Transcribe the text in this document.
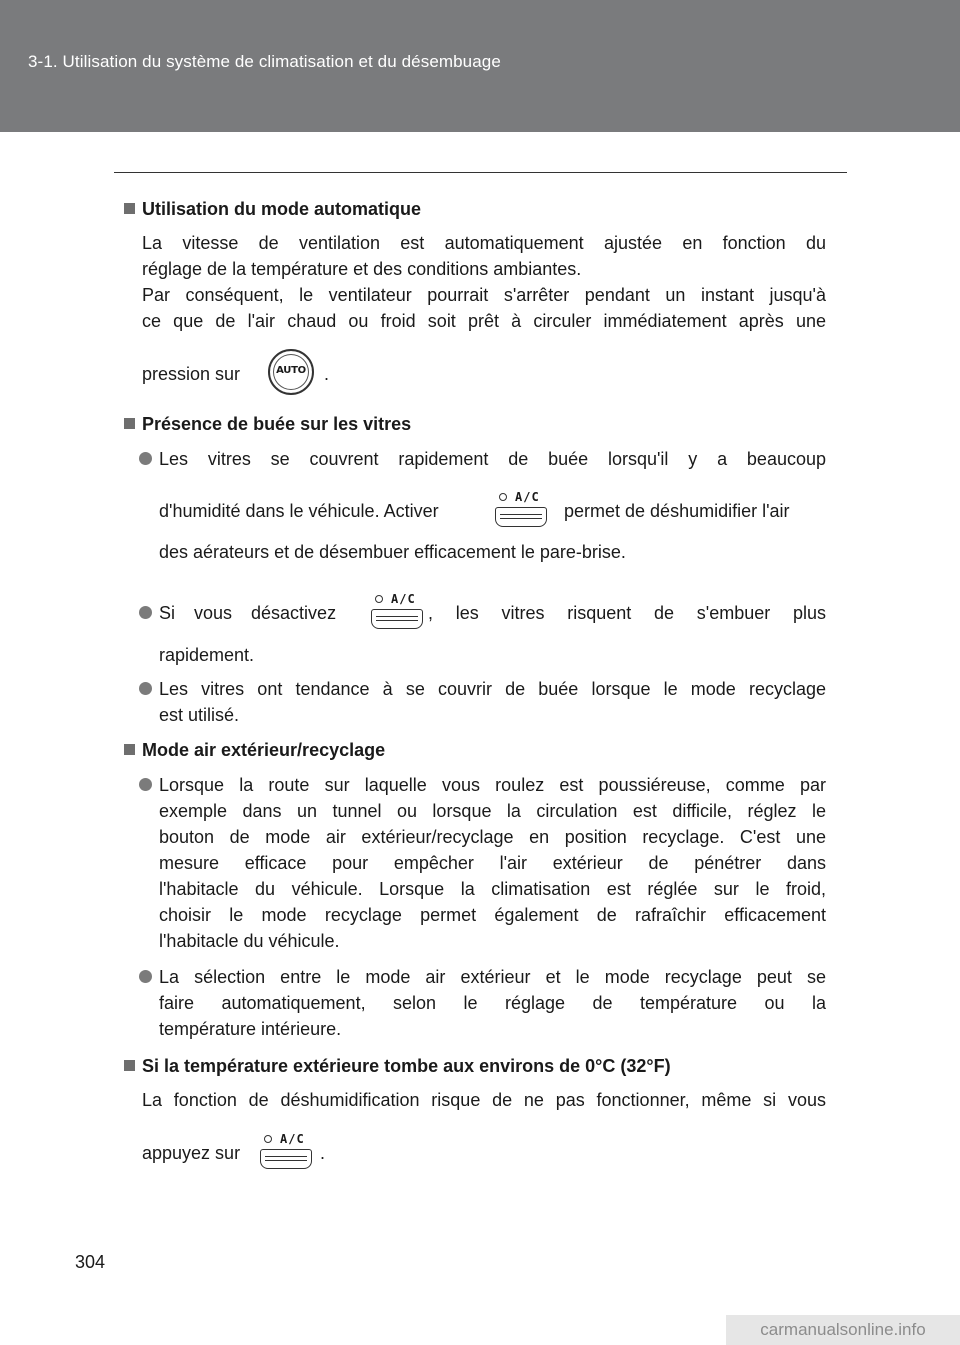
3-1. Utilisation du système de climatisation et du désembuage
Utilisation du mode automatique
La vitesse de ventilation est automatiquement ajustée en fonction du
réglage de la température et des conditions ambiantes.
Par conséquent, le ventilateur pourrait s'arrêter pendant un instant jusqu'à
ce que de l'air chaud ou froid soit prêt à circuler immédiatement après une
pression sur	AUTO	.
Présence de buée sur les vitres
Les vitres se couvrent rapidement de buée lorsqu'il y a beaucoup
d'humidité dans le véhicule. Activer
A/C
permet de déshumidifier l'air
des aérateurs et de désembuer efficacement le pare-brise.
Si vous désactivez
A/C
, les vitres risquent de s'embuer plus
rapidement.
Les vitres ont tendance à se couvrir de buée lorsque le mode recyclage
est utilisé.
Mode air extérieur/recyclage
Lorsque la route sur laquelle vous roulez est poussiéreuse, comme par
exemple dans un tunnel ou lorsque la circulation est difficile, réglez le
bouton de mode air extérieur/recyclage en position recyclage. C'est une
mesure efficace pour empêcher l'air extérieur de pénétrer dans
l'habitacle du véhicule. Lorsque la climatisation est réglée sur le froid,
choisir le mode recyclage permet également de rafraîchir efficacement
l'habitacle du véhicule.
La sélection entre le mode air extérieur et le mode recyclage peut se
faire automatiquement, selon le réglage de température ou la
température intérieure.
Si la température extérieure tombe aux environs de 0°C (32°F)
La fonction de déshumidification risque de ne pas fonctionner, même si vous
appuyez sur
A/C
.
304
carmanualsonline.info
